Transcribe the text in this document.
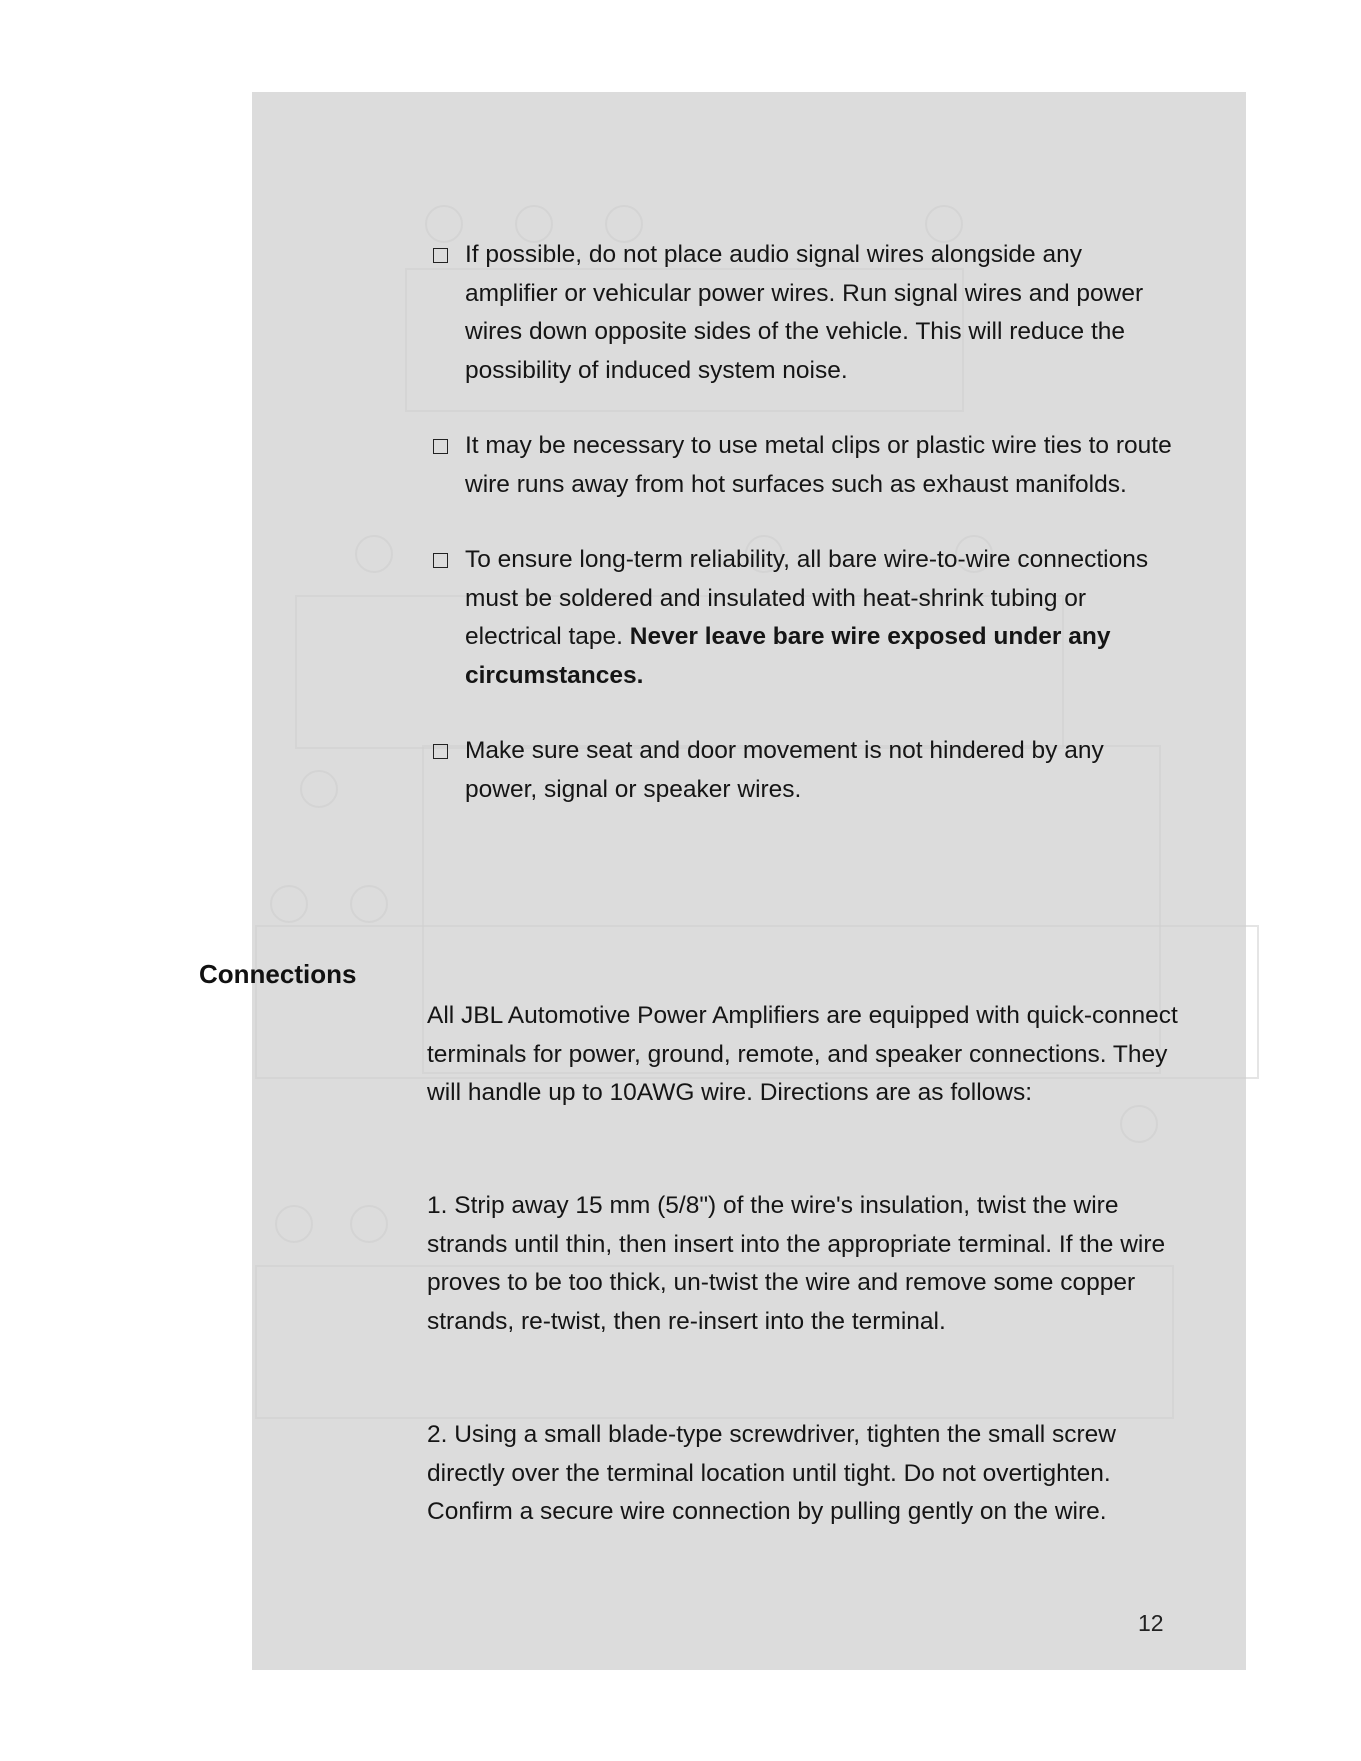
If possible, do not place audio signal wires alongside any amplifier or vehicular power wires. Run signal wires and power wires down opposite sides of the vehicle. This will reduce the possibility of induced system noise.
It may be necessary to use metal clips or plastic wire ties to route wire runs away from hot surfaces such as exhaust manifolds.
To ensure long-term reliability, all bare wire-to-wire connections must be soldered and insulated with heat-shrink tubing or electrical tape. Never leave bare wire exposed under any circumstances.
Make sure seat and door movement is not hindered by any power, signal or speaker wires.
Connections

All JBL Automotive Power Amplifiers are equipped with quick-connect terminals for power, ground, remote, and speaker connections. They will handle up to 10AWG wire. Directions are as follows:

1. Strip away 15 mm (5/8") of the wire's insulation, twist the wire strands until thin, then insert into the appropriate terminal. If the wire proves to be too thick, un-twist the wire and remove some copper strands, re-twist, then re-insert into the terminal.

2. Using a small blade-type screwdriver, tighten the small screw directly over the terminal location until tight. Do not overtighten. Confirm a secure wire connection by pulling gently on the wire.

12
